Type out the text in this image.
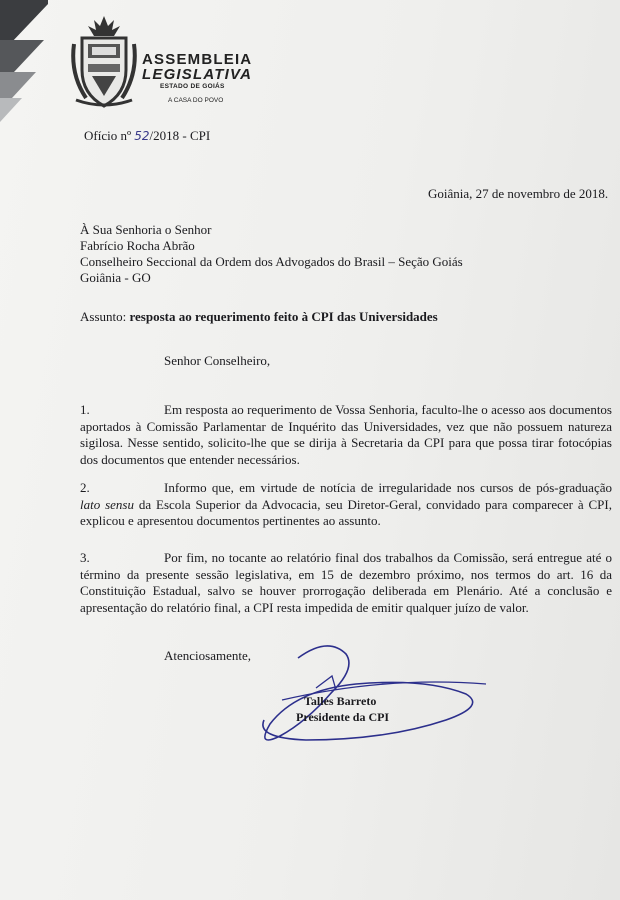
ASSEMBLEIA
LEGISLATIVA
ESTADO DE GOIÁS
A CASA DO POVO
Ofício nº 52/2018 - CPI
Goiânia, 27 de novembro de 2018.
À Sua Senhoria o Senhor
Fabrício Rocha Abrão
Conselheiro Seccional da Ordem dos Advogados do Brasil – Seção Goiás
Goiânia - GO
Assunto: resposta ao requerimento feito à CPI das Universidades
Senhor Conselheiro,
1.	Em resposta ao requerimento de Vossa Senhoria, faculto-lhe o acesso aos documentos aportados à Comissão Parlamentar de Inquérito das Universidades, vez que não possuem natureza sigilosa. Nesse sentido, solicito-lhe que se dirija à Secretaria da CPI para que possa tirar fotocópias dos documentos que entender necessários.
2.	Informo que, em virtude de notícia de irregularidade nos cursos de pós-graduação lato sensu da Escola Superior da Advocacia, seu Diretor-Geral, convidado para comparecer à CPI, explicou e apresentou documentos pertinentes ao assunto.
3.	Por fim, no tocante ao relatório final dos trabalhos da Comissão, será entregue até o término da presente sessão legislativa, em 15 de dezembro próximo, nos termos do art. 16 da Constituição Estadual, salvo se houver prorrogação deliberada em Plenário. Até a conclusão e apresentação do relatório final, a CPI resta impedida de emitir qualquer juízo de valor.
Atenciosamente,
Talles Barreto
Presidente da CPI
